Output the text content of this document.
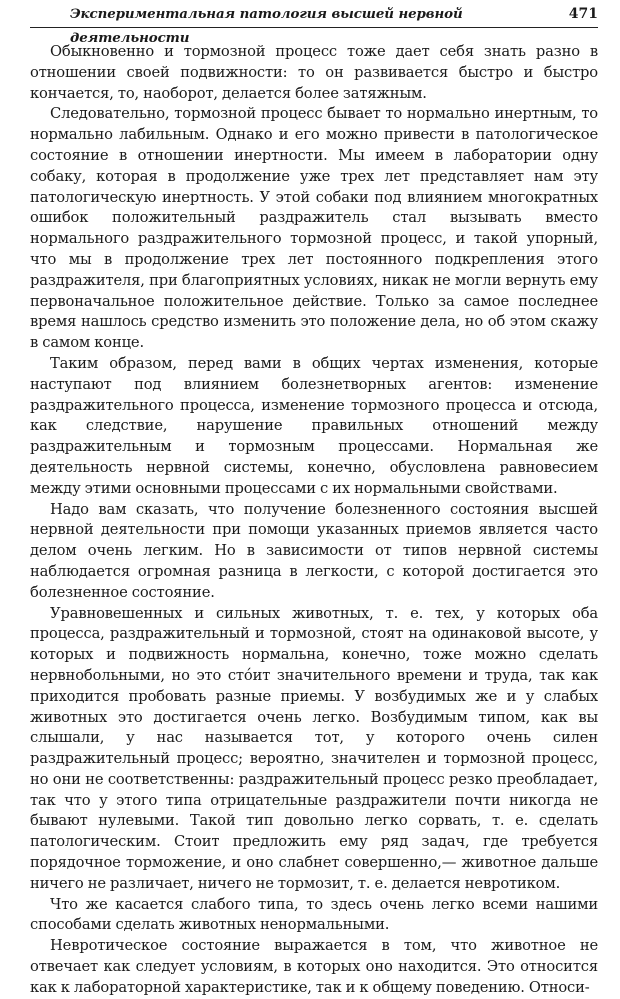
Экспериментальная патология высшей нервной деятельности
471

Обыкновенно и тормозной процесс тоже дает себя знать разно в отношении своей подвижности: то он развивается быстро и быстро кончается, то, наоборот, делается более затяжным.

Следовательно, тормозной процесс бывает то нормально инертным, то нормально лабильным. Однако и его можно привести в патологическое состояние в отношении инертности. Мы имеем в лаборатории одну собаку, которая в продолжение уже трех лет представляет нам эту патологическую инертность. У этой собаки под влиянием многократных ошибок положительный раздражитель стал вызывать вместо нормального раздражительного тормозной процесс, и такой упорный, что мы в продолжение трех лет постоянного подкрепления этого раздражителя, при благоприятных условиях, никак не могли вернуть ему первоначальное положительное действие. Только за самое последнее время нашлось средство изменить это положение дела, но об этом скажу в самом конце.

Таким образом, перед вами в общих чертах изменения, которые наступают под влиянием болезнетворных агентов: изменение раздражительного процесса, изменение тормозного процесса и отсюда, как следствие, нарушение правильных отношений между раздражительным и тормозным процессами. Нормальная же деятельность нервной системы, конечно, обусловлена равновесием между этими основными процессами с их нормальными свойствами.

Надо вам сказать, что получение болезненного состояния высшей нервной деятельности при помощи указанных приемов является часто делом очень легким. Но в зависимости от типов нервной системы наблюдается огромная разница в легкости, с которой достигается это болезненное состояние.

Уравновешенных и сильных животных, т. е. тех, у которых оба процесса, раздражительный и тормозной, стоят на одинаковой высоте, у которых и подвижность нормальна, конечно, тоже можно сделать нервнобольными, но это стóит значительного времени и труда, так как приходится пробовать разные приемы. У возбудимых же и у слабых животных это достигается очень легко. Возбудимым типом, как вы слышали, у нас называется тот, у которого очень силен раздражительный процесс; вероятно, значителен и тормозной процесс, но они не соответственны: раздражительный процесс резко преобладает, так что у этого типа отрицательные раздражители почти никогда не бывают нулевыми. Такой тип довольно легко сорвать, т. е. сделать патологическим. Стоит предложить ему ряд задач, где требуется порядочное торможение, и оно слабнет совершенно,— животное дальше ничего не различает, ничего не тормозит, т. е. делается невротиком.

Что же касается слабого типа, то здесь очень легко всеми нашими способами сделать животных ненормальными.

Невротическое состояние выражается в том, что животное не отвечает как следует условиям, в которых оно находится. Это относится как к лабораторной характеристике, так и к общему поведению. Относи-
